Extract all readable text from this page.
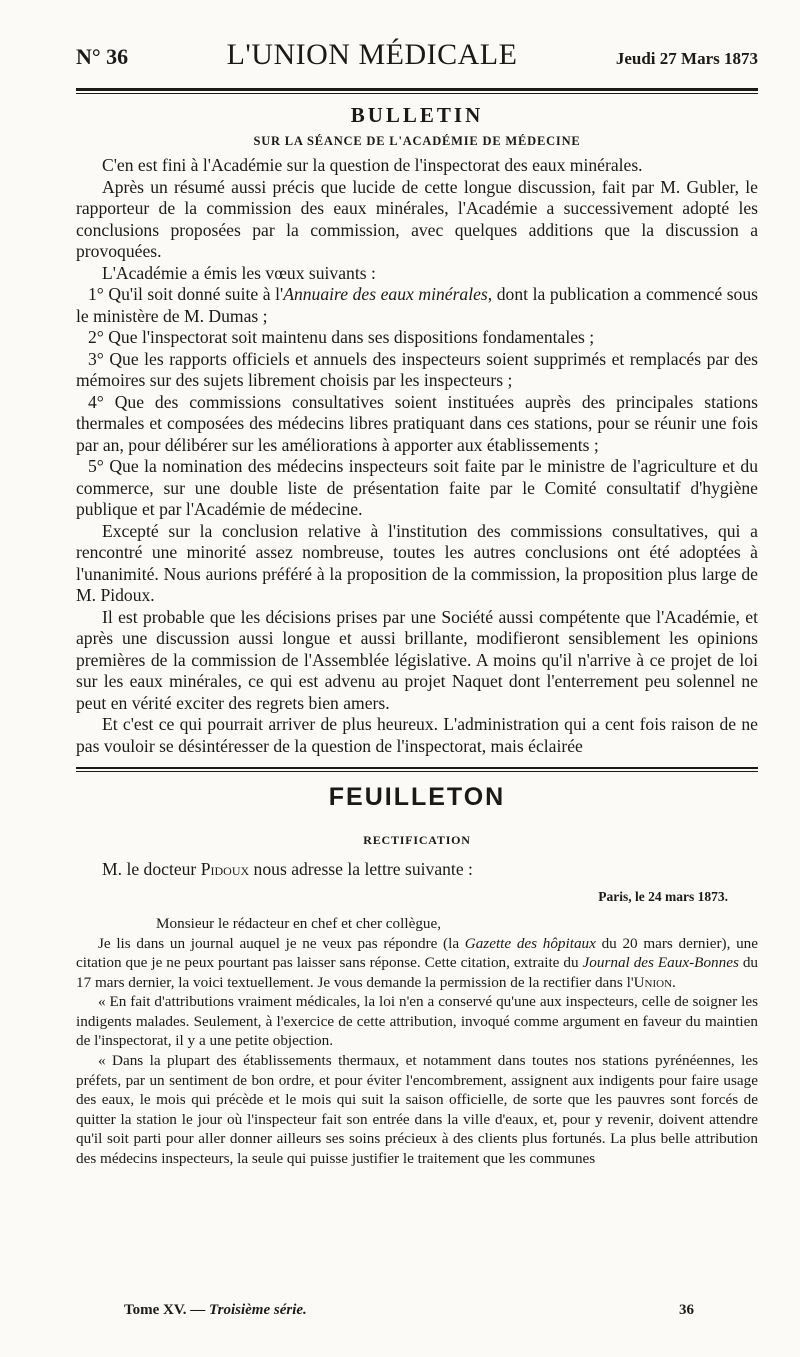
N° 36	L'UNION MÉDICALE	Jeudi 27 Mars 1873
BULLETIN
SUR LA SÉANCE DE L'ACADÉMIE DE MÉDECINE

C'en est fini à l'Académie sur la question de l'inspectorat des eaux minérales.

Après un résumé aussi précis que lucide de cette longue discussion, fait par M. Gubler, le rapporteur de la commission des eaux minérales, l'Académie a successivement adopté les conclusions proposées par la commission, avec quelques additions que la discussion a provoquées.

L'Académie a émis les vœux suivants :

1° Qu'il soit donné suite à l'Annuaire des eaux minérales, dont la publication a commencé sous le ministère de M. Dumas ;

2° Que l'inspectorat soit maintenu dans ses dispositions fondamentales ;

3° Que les rapports officiels et annuels des inspecteurs soient supprimés et remplacés par des mémoires sur des sujets librement choisis par les inspecteurs ;

4° Que des commissions consultatives soient instituées auprès des principales stations thermales et composées des médecins libres pratiquant dans ces stations, pour se réunir une fois par an, pour délibérer sur les améliorations à apporter aux établissements ;

5° Que la nomination des médecins inspecteurs soit faite par le ministre de l'agriculture et du commerce, sur une double liste de présentation faite par le Comité consultatif d'hygiène publique et par l'Académie de médecine.

Excepté sur la conclusion relative à l'institution des commissions consultatives, qui a rencontré une minorité assez nombreuse, toutes les autres conclusions ont été adoptées à l'unanimité. Nous aurions préféré à la proposition de la commission, la proposition plus large de M. Pidoux.

Il est probable que les décisions prises par une Société aussi compétente que l'Académie, et après une discussion aussi longue et aussi brillante, modifieront sensiblement les opinions premières de la commission de l'Assemblée législative. A moins qu'il n'arrive à ce projet de loi sur les eaux minérales, ce qui est advenu au projet Naquet dont l'enterrement peu solennel ne peut en vérité exciter des regrets bien amers.

Et c'est ce qui pourrait arriver de plus heureux. L'administration qui a cent fois raison de ne pas vouloir se désintéresser de la question de l'inspectorat, mais éclairée

FEUILLETON
RECTIFICATION

M. le docteur Pidoux nous adresse la lettre suivante :

Paris, le 24 mars 1873.

Monsieur le rédacteur en chef et cher collègue,

Je lis dans un journal auquel je ne veux pas répondre (la Gazette des hôpitaux du 20 mars dernier), une citation que je ne peux pourtant pas laisser sans réponse. Cette citation, extraite du Journal des Eaux-Bonnes du 17 mars dernier, la voici textuellement. Je vous demande la permission de la rectifier dans l'Union.

« En fait d'attributions vraiment médicales, la loi n'en a conservé qu'une aux inspecteurs, celle de soigner les indigents malades. Seulement, à l'exercice de cette attribution, invoqué comme argument en faveur du maintien de l'inspectorat, il y a une petite objection.

« Dans la plupart des établissements thermaux, et notamment dans toutes nos stations pyrénéennes, les préfets, par un sentiment de bon ordre, et pour éviter l'encombrement, assignent aux indigents pour faire usage des eaux, le mois qui précède et le mois qui suit la saison officielle, de sorte que les pauvres sont forcés de quitter la station le jour où l'inspecteur fait son entrée dans la ville d'eaux, et, pour y revenir, doivent attendre qu'il soit parti pour aller donner ailleurs ses soins précieux à des clients plus fortunés. La plus belle attribution des médecins inspecteurs, la seule qui puisse justifier le traitement que les communes

Tome XV. — Troisième série.	36
